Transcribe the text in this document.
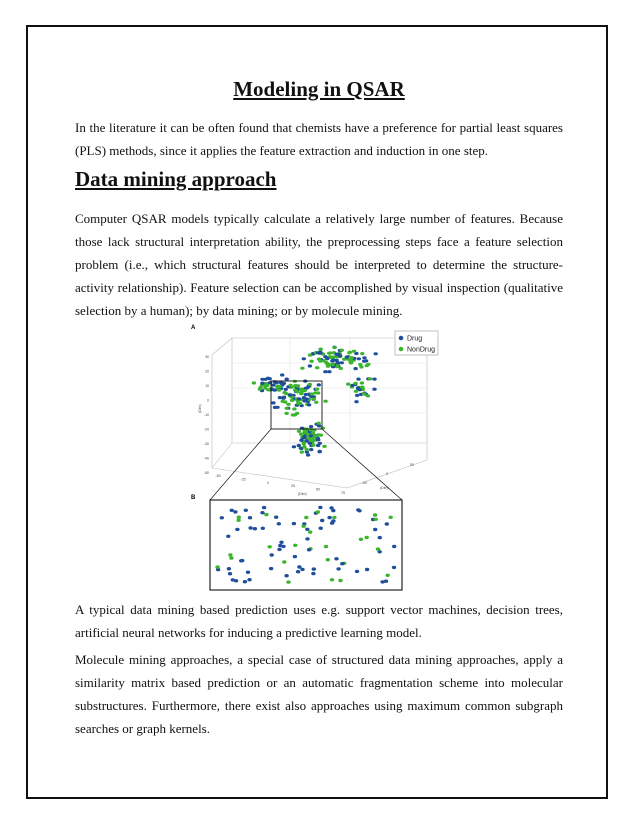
Modeling in QSAR

In the literature it can be often found that chemists have a preference for partial least squares (PLS) methods, since it applies the feature extraction and induction in one step.

Data mining approach

Computer QSAR models typically calculate a relatively large number of features. Because those lack structural interpretation ability, the preprocessing steps face a feature selection problem (i.e., which structural features should be interpreted to determine the structure-activity relationship). Feature selection can be accomplished by visual inspection (qualitative selection by a human); by data mining; or by molecule mining.

A
30
20
10
0
-10
-20
-30
-40
-50
(Dim)
-50
-25
0
25
50
75
(Dim)
-50
0
50
(Dim)
Drug
NonDrug
B

A typical data mining based prediction uses e.g. support vector machines, decision trees, artificial neural networks for inducing a predictive learning model.

Molecule mining approaches, a special case of structured data mining approaches, apply a similarity matrix based prediction or an automatic fragmentation scheme into molecular substructures. Furthermore, there exist also approaches using maximum common subgraph searches or graph kernels.
